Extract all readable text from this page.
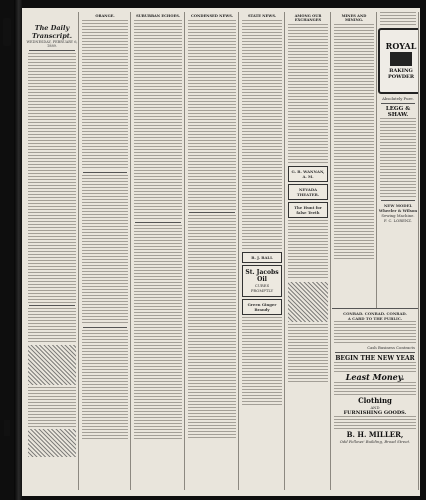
The Daily Transcript.
WEDNESDAY, FEBRUARY 6, 1889.
ORANGE.	SUBURBAN ECHOES.	CONDENSED NEWS.	STATE NEWS.
B. J. BALL
St. Jacobs Oil
CURES PROMPTLY
Green Ginger Brandy
AMONG OUR EXCHANGES
G. B. WANNAN, A. M.
NEVADA THEATER.
The Hunt for false Teeth
MINES AND MINING.
ROYAL
BAKING
POWDER
Absolutely Pure.
LEGG & SHAW.
NEW MODEL
Wheeler & Wilson
Sewing Machine.
F. C. LORENZ.
CONRAD. CONRAD. CONRAD.
A CARD TO THE PUBLIC.
Cash Business Contracts
BEGIN THE NEW YEAR
Least Money.
Clothing
AND
FURNISHING GOODS.
B. H. MILLER,
Odd Fellows' Building, Broad Street.
